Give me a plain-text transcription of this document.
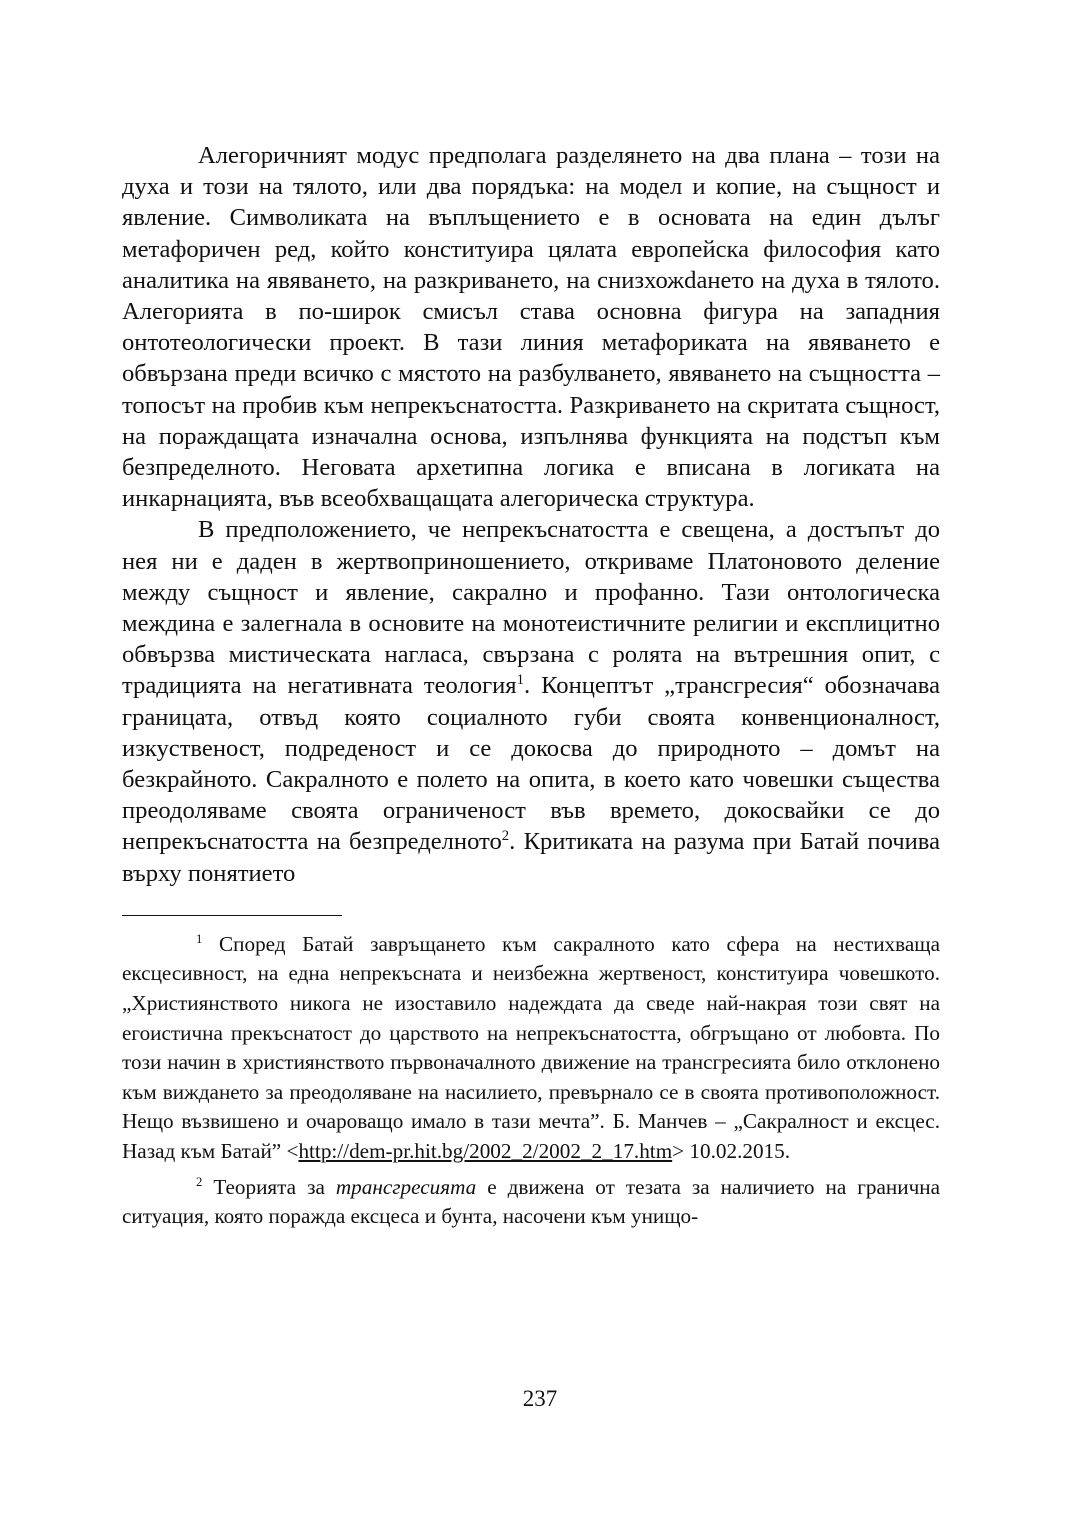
Алегоричният модус предполага разделянето на два плана – този на духа и този на тялото, или два порядъка: на модел и копие, на същност и явление. Символиката на въплъщението е в основата на един дълъг метафоричен ред, който конституира цялата европейска философия като аналитика на явяването, на разкриването, на снизхожdането на духа в тялото. Алегорията в по-широк смисъл става основна фигура на западния онтотеологически проект. В тази линия метафориката на явяването е обвързана преди всичко с мястото на разбулването, явяването на същността – топосът на пробив към непрекъснатостта. Разкриването на скритата същност, на пораждащата изначална основа, изпълнява функцията на подстъп към безпределното. Неговата архетипна логика е вписана в логиката на инкарнацията, във всеобхващащата алегорическа структура.

В предположението, че непрекъснатостта е свещена, а достъпът до нея ни е даден в жертвоприношението, откриваме Платоновото деление между същност и явление, сакрално и профанно. Тази онтологическа междина е залегнала в основите на монотеистичните религии и експлицитно обвързва мистическата нагласа, свързана с ролята на вътрешния опит, с традицията на негативната теология$^1$. Концептът „трансгресия“ обозначава границата, отвъд която социалното губи своята конвенционалност, изкуственост, подреденост и се докосва до природното – домът на безкрайното. Сакралното е полето на опита, в което като човешки същества преодоляваме своята ограниченост във времето, докосвайки се до непрекъснатостта на безпределното$^2$. Критиката на разума при Батай почива върху понятието

$^1$ Според Батай завръщането към сакралното като сфера на нестихваща ексцесивност, на една непрекъсната и неизбежна жертвеност, конституира човешкото. „Християнството никога не изоставило надеждата да сведе най-накрая този свят на егоистична прекъснатост до царството на непрекъснатостта, обгръщано от любовта. По този начин в християнството първоначалното движение на трансгресията било отклонено към виждането за преодоляване на насилието, превърнало се в своята противоположност. Нещо възвишено и очароващо имало в тази мечта”. Б. Манчев – „Сакралност и ексцес. Назад към Батай” <http://dem-pr.hit.bg/2002_2/2002_2_17.htm> 10.02.2015.

$^2$ Теорията за трансгресията е движена от тезата за наличието на гранична ситуация, която поражда ексцеса и бунта, насочени към унищо-

237
